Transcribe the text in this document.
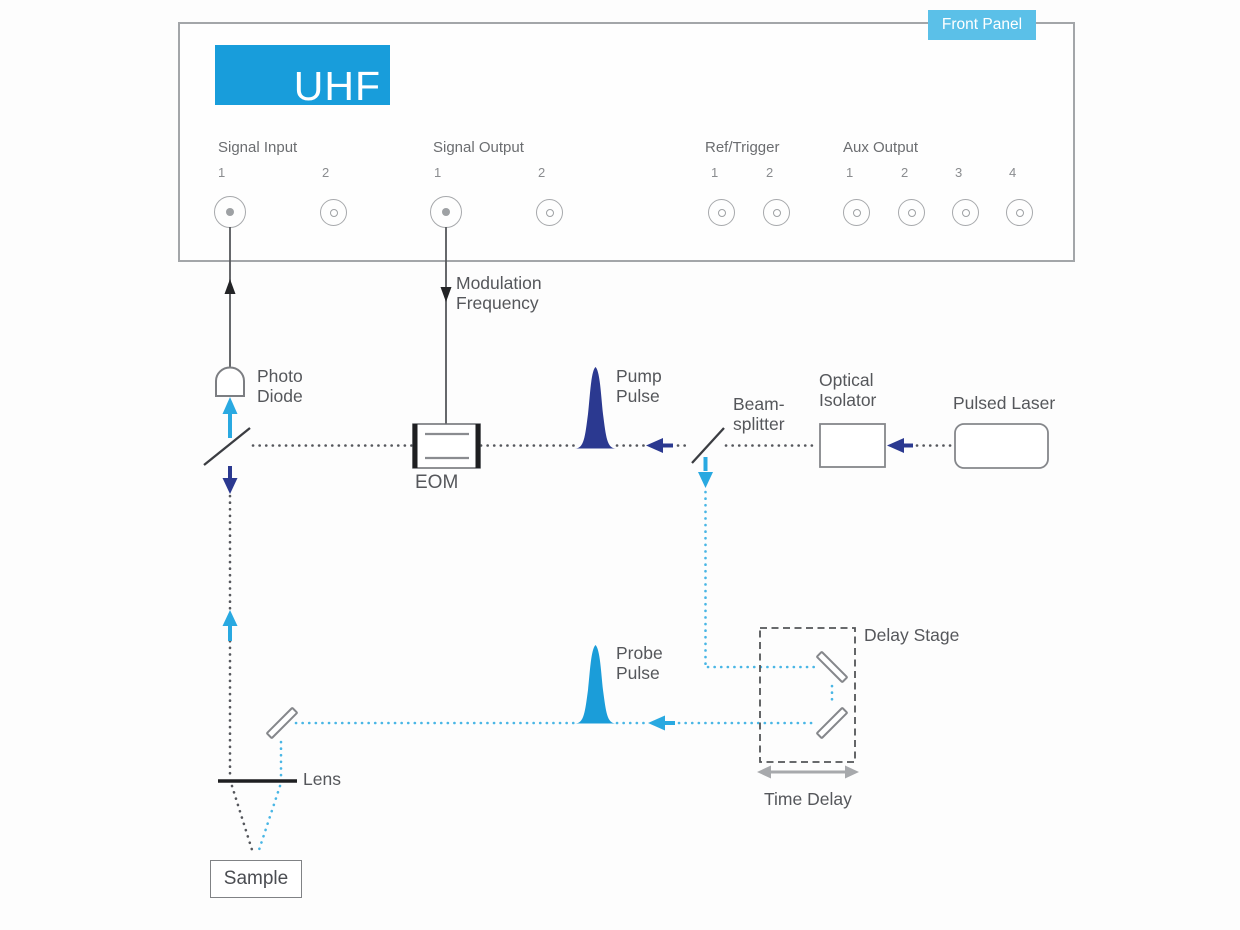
UHF
Front Panel
Signal Input	Signal Output	Ref/Trigger	Aux Output
1	2	1	2	1	2	1	2	3	4
Modulation
Frequency
Photo
Diode
EOM
Pump
Pulse	Beam-
splitter
Optical
Isolator	Pulsed Laser
Delay Stage
Probe
Pulse
Time Delay
Lens
Sample
